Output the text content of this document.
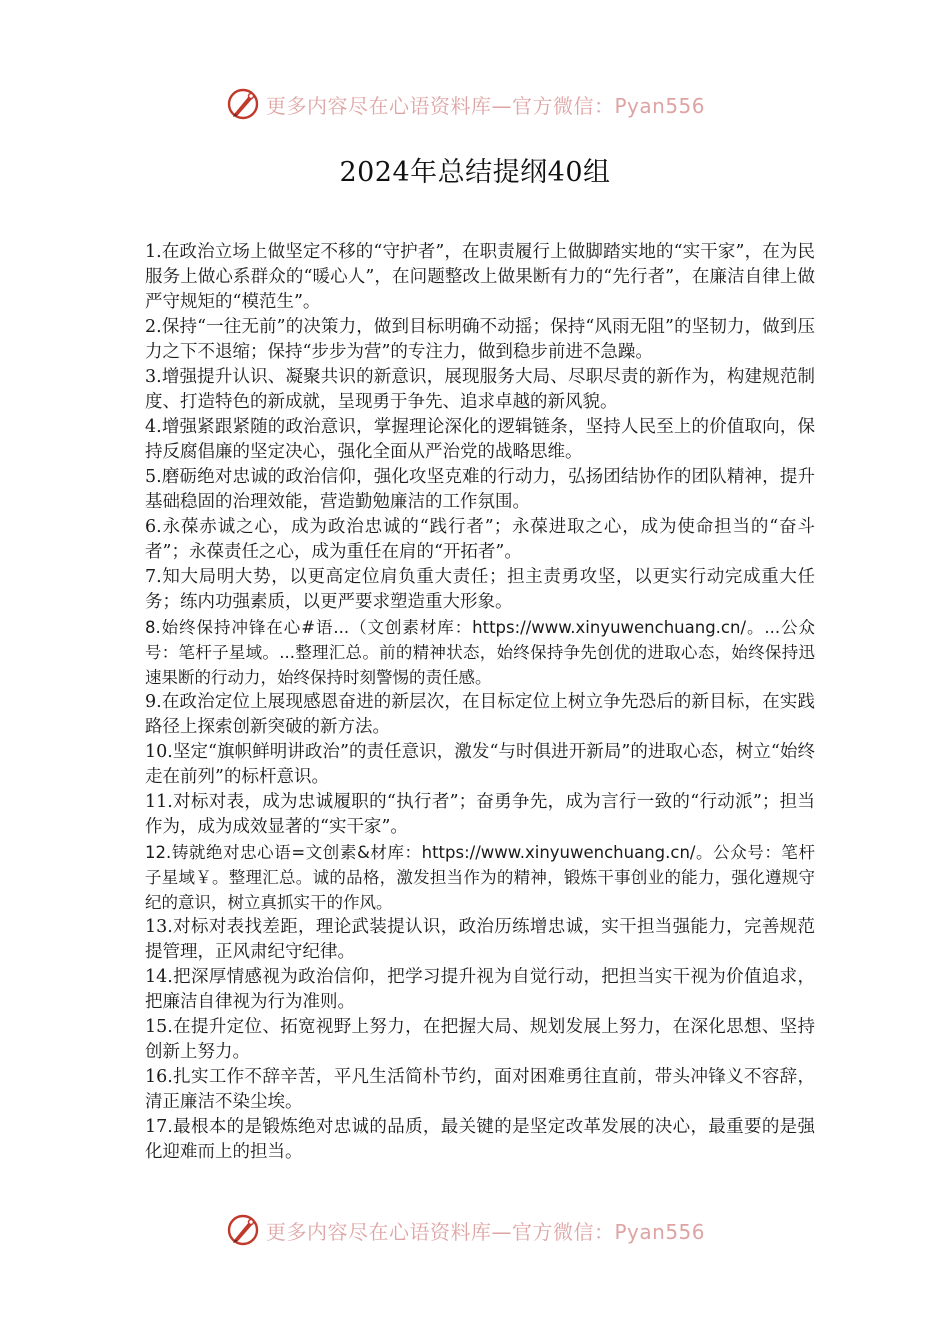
更多内容尽在心语资料库—官方微信：Pyan556
2024年总结提纲40组

1.在政治立场上做坚定不移的“守护者”，在职责履行上做脚踏实地的“实干家”，在为民服务上做心系群众的“暖心人”，在问题整改上做果断有力的“先行者”，在廉洁自律上做严守规矩的“模范生”。

2.保持“一往无前”的决策力，做到目标明确不动摇；保持“风雨无阻”的坚韧力，做到压力之下不退缩；保持“步步为营”的专注力，做到稳步前进不急躁。

3.增强提升认识、凝聚共识的新意识，展现服务大局、尽职尽责的新作为，构建规范制度、打造特色的新成就，呈现勇于争先、追求卓越的新风貌。

4.增强紧跟紧随的政治意识，掌握理论深化的逻辑链条，坚持人民至上的价值取向，保持反腐倡廉的坚定决心，强化全面从严治党的战略思维。

5.磨砺绝对忠诚的政治信仰，强化攻坚克难的行动力，弘扬团结协作的团队精神，提升基础稳固的治理效能，营造勤勉廉洁的工作氛围。

6.永葆赤诚之心，成为政治忠诚的“践行者”；永葆进取之心，成为使命担当的“奋斗者”；永葆责任之心，成为重任在肩的“开拓者”。

7.知大局明大势，以更高定位肩负重大责任；担主责勇攻坚，以更实行动完成重大任务；练内功强素质，以更严要求塑造重大形象。

8.始终保持冲锋在心#语...（文创素材库：https://www.xinyuwenchuang.cn/。...公众号：笔杆子星域。...整理汇总。前的精神状态，始终保持争先创优的进取心态，始终保持迅速果断的行动力，始终保持时刻警惕的责任感。

9.在政治定位上展现感恩奋进的新层次，在目标定位上树立争先恐后的新目标，在实践路径上探索创新突破的新方法。

10.坚定“旗帜鲜明讲政治”的责任意识，激发“与时俱进开新局”的进取心态，树立“始终走在前列”的标杆意识。

11.对标对表，成为忠诚履职的“执行者”；奋勇争先，成为言行一致的“行动派”；担当作为，成为成效显著的“实干家”。

12.铸就绝对忠心语=文创素&材库：https://www.xinyuwenchuang.cn/。公众号：笔杆子星域￥。整理汇总。诚的品格，激发担当作为的精神，锻炼干事创业的能力，强化遵规守纪的意识，树立真抓实干的作风。

13.对标对表找差距，理论武装提认识，政治历练增忠诚，实干担当强能力，完善规范提管理，正风肃纪守纪律。

14.把深厚情感视为政治信仰，把学习提升视为自觉行动，把担当实干视为价值追求，把廉洁自律视为行为准则。

15.在提升定位、拓宽视野上努力，在把握大局、规划发展上努力，在深化思想、坚持创新上努力。

16.扎实工作不辞辛苦，平凡生活简朴节约，面对困难勇往直前，带头冲锋义不容辞，清正廉洁不染尘埃。

17.最根本的是锻炼绝对忠诚的品质，最关键的是坚定改革发展的决心，最重要的是强化迎难而上的担当。

更多内容尽在心语资料库—官方微信：Pyan556
